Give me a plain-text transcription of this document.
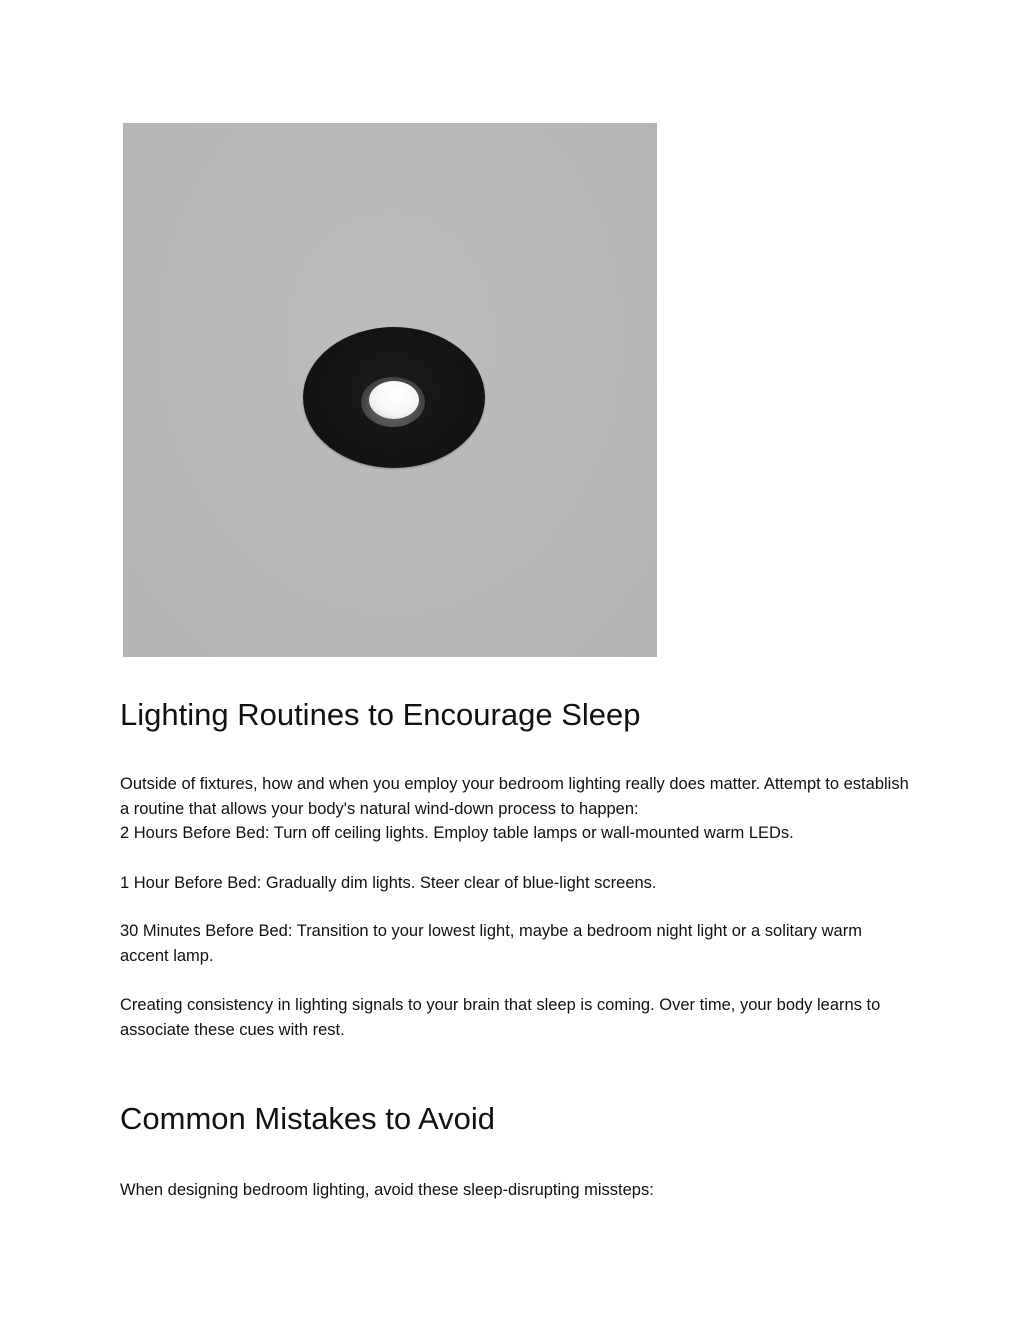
Lighting Routines to Encourage Sleep

Outside of fixtures, how and when you employ your bedroom lighting really does matter. Attempt to establish a routine that allows your body's natural wind-down process to happen:

2 Hours Before Bed: Turn off ceiling lights. Employ table lamps or wall-mounted warm LEDs.

1 Hour Before Bed: Gradually dim lights. Steer clear of blue-light screens.

30 Minutes Before Bed: Transition to your lowest light, maybe a bedroom night light or a solitary warm accent lamp.

Creating consistency in lighting signals to your brain that sleep is coming. Over time, your body learns to associate these cues with rest.

Common Mistakes to Avoid

When designing bedroom lighting, avoid these sleep-disrupting missteps:
